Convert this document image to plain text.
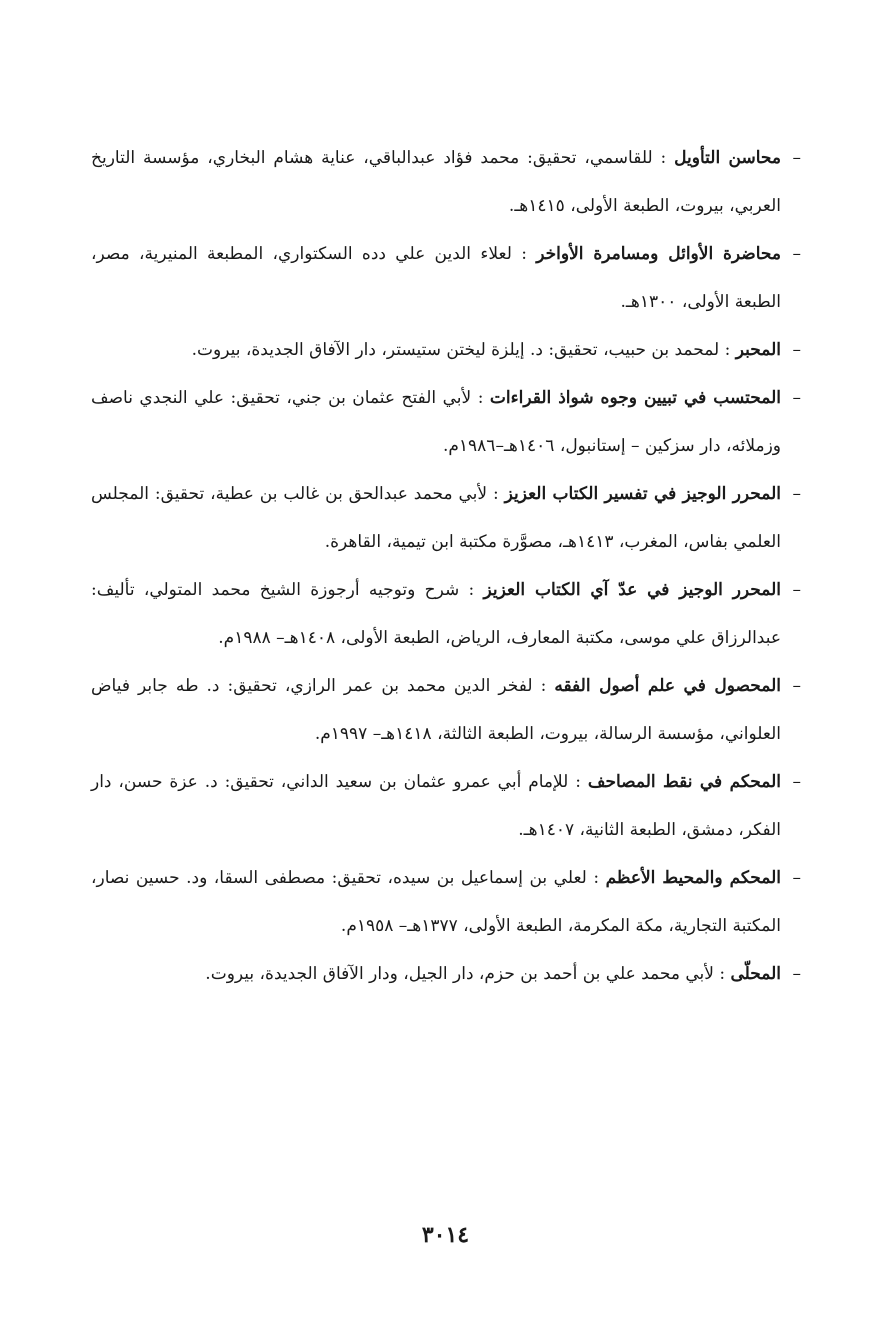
–
محاسن التأويل : للقاسمي، تحقيق: محمد فؤاد عبدالباقي، عناية هشام البخاري، مؤسسة التاريخ العربي، بيروت، الطبعة الأولى، ١٤١٥هـ.

–
محاضرة الأوائل ومسامرة الأواخر : لعلاء الدين علي دده السكتواري، المطبعة المنيرية، مصر، الطبعة الأولى، ١٣٠٠هـ.

–
المحبر : لمحمد بن حبيب، تحقيق: د. إيلزة ليختن ستيستر، دار الآفاق الجديدة، بيروت.

–
المحتسب في تبيين وجوه شواذ القراءات : لأبي الفتح عثمان بن جني، تحقيق: علي النجدي ناصف وزملائه، دار سزكين – إستانبول، ١٤٠٦هـ–١٩٨٦م.

–
المحرر الوجيز في تفسير الكتاب العزيز : لأبي محمد عبدالحق بن غالب بن عطية، تحقيق: المجلس العلمي بفاس، المغرب، ١٤١٣هـ، مصوَّرة مكتبة ابن تيمية، القاهرة.

–
المحرر الوجيز في عدّ آي الكتاب العزيز : شرح وتوجيه أرجوزة الشيخ محمد المتولي، تأليف: عبدالرزاق علي موسى، مكتبة المعارف، الرياض، الطبعة الأولى، ١٤٠٨هـ– ١٩٨٨م.

–
المحصول في علم أصول الفقه : لفخر الدين محمد بن عمر الرازي، تحقيق: د. طه جابر فياض العلواني، مؤسسة الرسالة، بيروت، الطبعة الثالثة، ١٤١٨هـ– ١٩٩٧م.

–
المحكم في نقط المصاحف : للإمام أبي عمرو عثمان بن سعيد الداني، تحقيق: د. عزة حسن، دار الفكر، دمشق، الطبعة الثانية، ١٤٠٧هـ.

–
المحكم والمحيط الأعظم : لعلي بن إسماعيل بن سيده، تحقيق: مصطفى السقا، ود. حسين نصار، المكتبة التجارية، مكة المكرمة، الطبعة الأولى، ١٣٧٧هـ– ١٩٥٨م.

–
المحلّى : لأبي محمد علي بن أحمد بن حزم، دار الجيل، ودار الآفاق الجديدة، بيروت.

٣٠١٤
